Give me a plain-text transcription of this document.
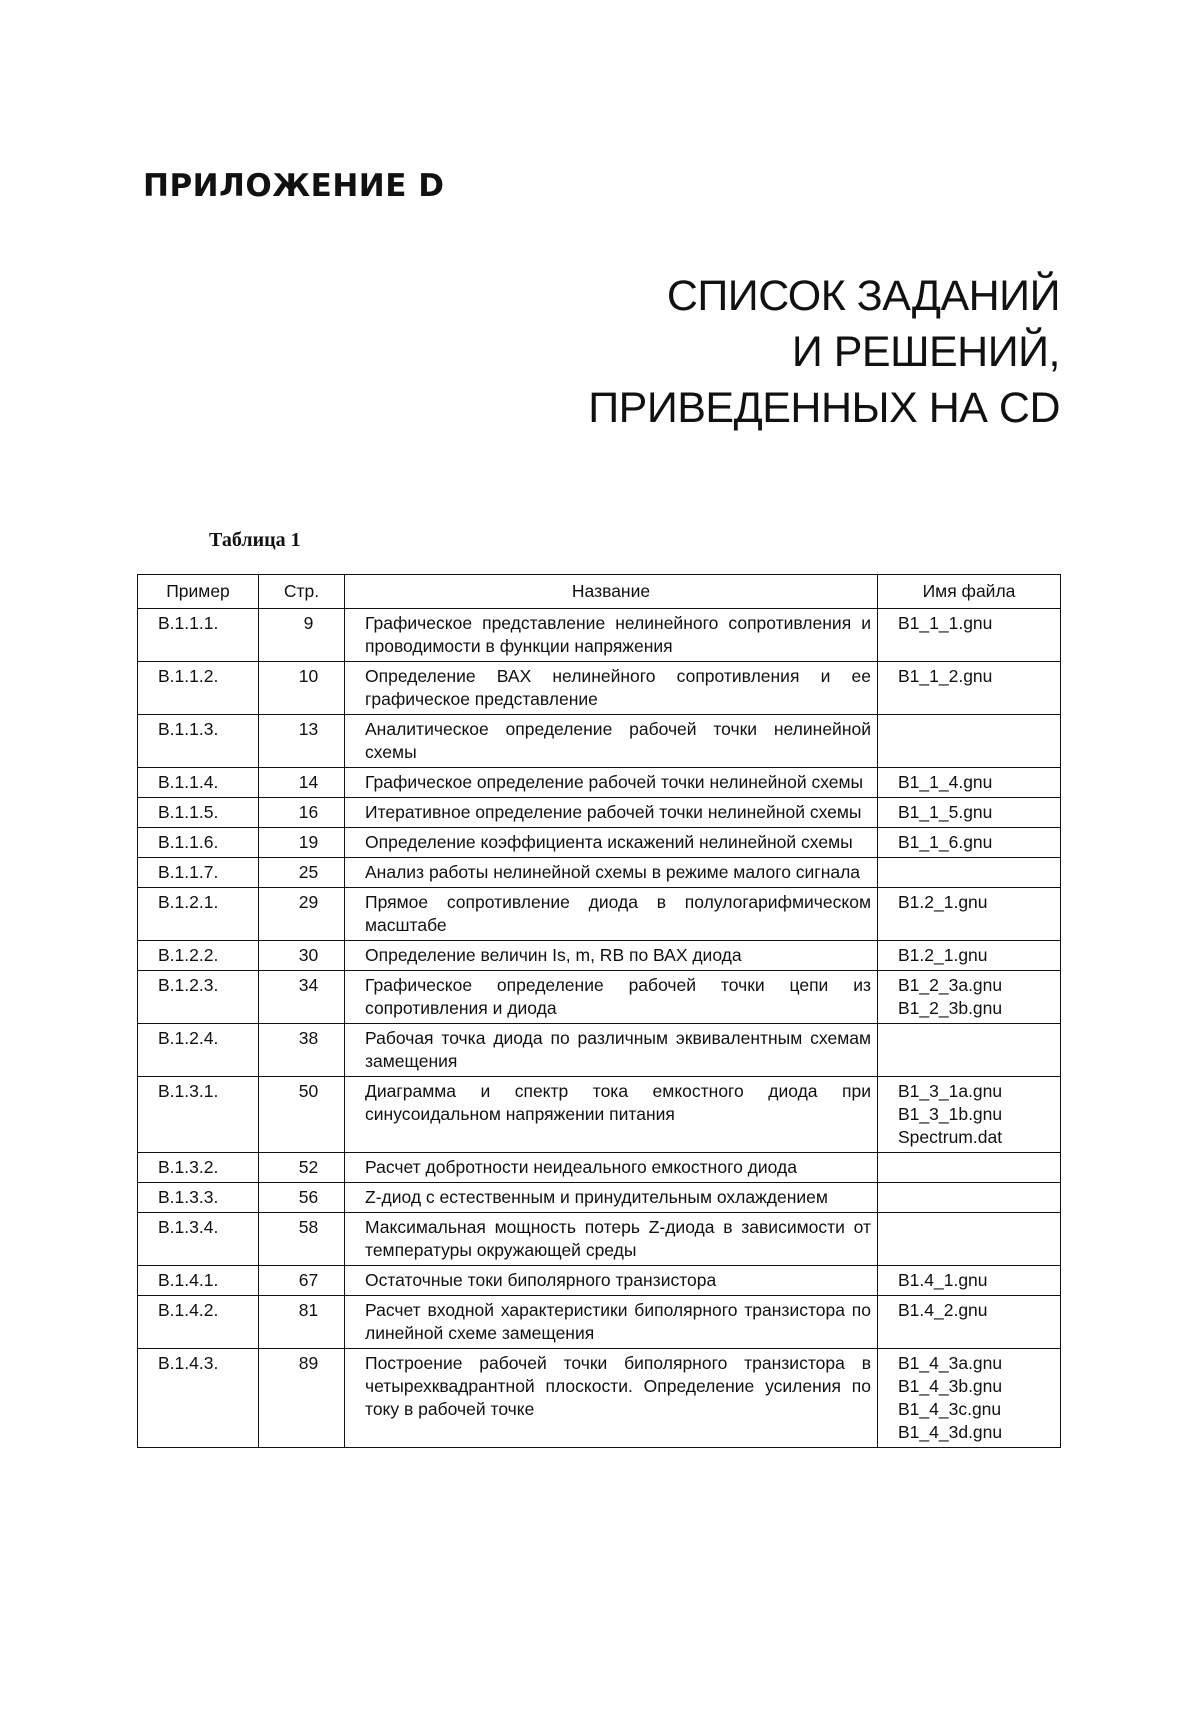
ПРИЛОЖЕНИЕ D
СПИСОК ЗАДАНИЙ
И РЕШЕНИЙ,
ПРИВЕДЕННЫХ НА CD
Таблица 1
Пример	Стр.	Название	Имя файла
B.1.1.1.	9	Графическое представление нелинейного сопротивления и проводимости в функции напряжения	B1_1_1.gnu

B.1.1.2.	10	Определение ВАХ нелинейного сопротивления и ее графическое представление	B1_1_2.gnu

B.1.1.3.	13	Аналитическое определение рабочей точки нелинейной схемы	
B.1.1.4.	14	Графическое определение рабочей точки нелинейной схемы	B1_1_4.gnu

B.1.1.5.	16	Итеративное определение рабочей точки нелинейной схемы	B1_1_5.gnu

B.1.1.6.	19	Определение коэффициента искажений нелинейной схемы	B1_1_6.gnu

B.1.1.7.	25	Анализ работы нелинейной схемы в режиме малого сигнала	
B.1.2.1.	29	Прямое сопротивление диода в полулогарифмическом масштабе	B1.2_1.gnu

B.1.2.2.	30	Определение величин Is, m, RB по ВАХ диода	B1.2_1.gnu

B.1.2.3.	34	Графическое определение рабочей точки цепи из сопротивления и диода	B1_2_3a.gnu
B1_2_3b.gnu

B.1.2.4.	38	Рабочая точка диода по различным эквивалентным схемам замещения	
B.1.3.1.	50	Диаграмма и спектр тока емкостного диода при синусоидальном напряжении питания	B1_3_1a.gnu
B1_3_1b.gnu
Spectrum.dat

B.1.3.2.	52	Расчет добротности неидеального емкостного диода	
B.1.3.3.	56	Z-диод с естественным и принудительным охлаждением	
B.1.3.4.	58	Максимальная мощность потерь Z-диода в зависимости от температуры окружающей среды	
B.1.4.1.	67	Остаточные токи биполярного транзистора	B1.4_1.gnu

B.1.4.2.	81	Расчет входной характеристики биполярного транзистора по линейной схеме замещения	B1.4_2.gnu

B.1.4.3.	89	Построение рабочей точки биполярного транзистора в четырехквадрантной плоскости. Определение усиления по току в рабочей точке	B1_4_3a.gnu
B1_4_3b.gnu
B1_4_3c.gnu
B1_4_3d.gnu
